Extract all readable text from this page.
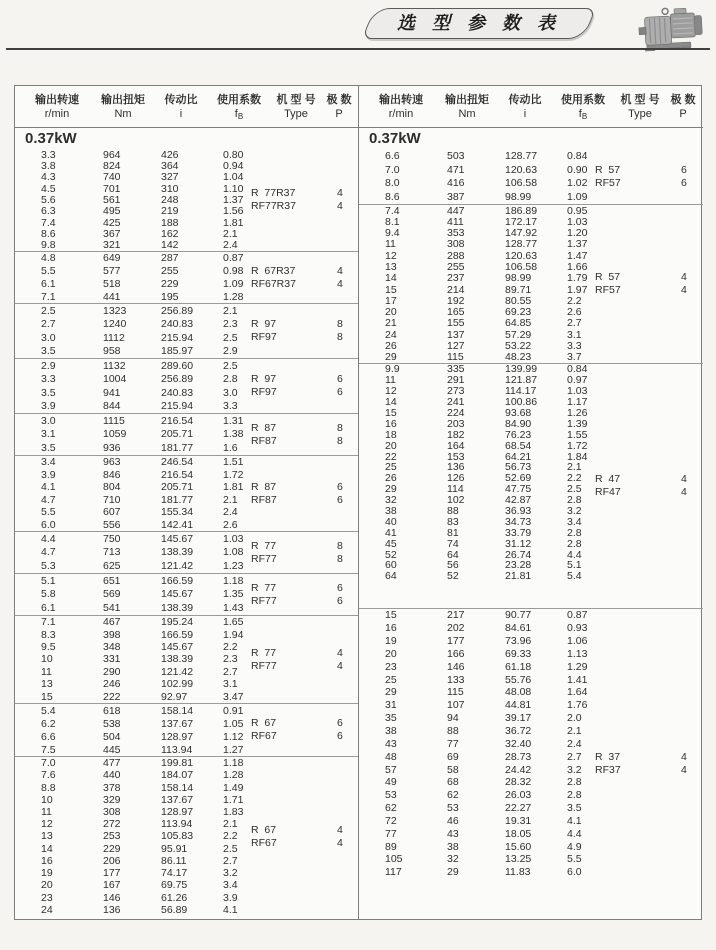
选 型 参 数 表
输出转速 输出扭矩 传动比 使用系数 机 型 号 极 数
r/min	Nm	i	$f_B$	Type P
0.37kW
3.3	964	426	0.80
3.8	824	364	0.94
4.3	740	327	1.04
4.5	701	310	1.10
5.6	561	248	1.37
6.3	495	219	1.56
7.4	425	188	1.81
8.6	367	162	2.1
9.8	321	142	2.4
R  77R37	4
RF77R37	4
4.8	649	287	0.87
5.5	577	255	0.98
6.1	518	229	1.09
7.1	441	195	1.28
R  67R37	4
RF67R37	4
2.5	1323	256.89	2.1
2.7	1240	240.83	2.3
3.0	1112	215.94	2.5
3.5	958	185.97	2.9
R  97	8
RF97	8
2.9	1132	289.60	2.5
3.3	1004	256.89	2.8
3.5	941	240.83	3.0
3.9	844	215.94	3.3
R  97	6
RF97	6
3.0	1115	216.54	1.31
3.1	1059	205.71	1.38
3.5	936	181.77	1.6
R  87	8
RF87	8
3.4	963	246.54	1.51
3.9	846	216.54	1.72
4.1	804	205.71	1.81
4.7	710	181.77	2.1
5.5	607	155.34	2.4
6.0	556	142.41	2.6
R  87	6
RF87	6
4.4	750	145.67	1.03
4.7	713	138.39	1.08
5.3	625	121.42	1.23
R  77	8
RF77	8
5.1	651	166.59	1.18
5.8	569	145.67	1.35
6.1	541	138.39	1.43
R  77	6
RF77	6
7.1	467	195.24	1.65
8.3	398	166.59	1.94
9.5	348	145.67	2.2
10	331	138.39	2.3
11	290	121.42	2.7
13	246	102.99	3.1
15	222	92.97	3.47
R  77	4
RF77	4
5.4	618	158.14	0.91
6.2	538	137.67	1.05
6.6	504	128.97	1.12
7.5	445	113.94	1.27
R  67	6
RF67	6
7.0	477	199.81	1.18
7.6	440	184.07	1.28
8.8	378	158.14	1.49
10	329	137.67	1.71
11	308	128.97	1.83
12	272	113.94	2.1
13	253	105.83	2.2
14	229	95.91	2.5
16	206	86.11	2.7
19	177	74.17	3.2
20	167	69.75	3.4
23	146	61.26	3.9
24	136	56.89	4.1
R  67	4
RF67	4
输出转速 输出扭矩 传动比 使用系数 机 型 号 极 数
r/min	Nm	i	$f_B$	Type P
0.37kW
6.6	503	128.77	0.84
7.0	471	120.63	0.90
8.0	416	106.58	1.02
8.6	387	98.99	1.09
R  57	6
RF57	6
7.4	447	186.89	0.95
8.1	411	172.17	1.03
9.4	353	147.92	1.20
11	308	128.77	1.37
12	288	120.63	1.47
13	255	106.58	1.66
14	237	98.99	1.79
15	214	89.71	1.97
17	192	80.55	2.2
20	165	69.23	2.6
21	155	64.85	2.7
24	137	57.29	3.1
26	127	53.22	3.3
29	115	48.23	3.7
R  57	4
RF57	4
9.9	335	139.99	0.84
11	291	121.87	0.97
12	273	114.17	1.03
14	241	100.86	1.17
15	224	93.68	1.26
16	203	84.90	1.39
18	182	76.23	1.55
20	164	68.54	1.72
22	153	64.21	1.84
25	136	56.73	2.1
26	126	52.69	2.2
29	114	47.75	2.5
32	102	42.87	2.8
38	88	36.93	3.2
40	83	34.73	3.4
41	81	33.79	2.8
45	74	31.12	2.8
52	64	26.74	4.4
60	56	23.28	5.1
64	52	21.81	5.4
R  47	4
RF47	4
15	217	90.77	0.87
16	202	84.61	0.93
19	177	73.96	1.06
20	166	69.33	1.13
23	146	61.18	1.29
25	133	55.76	1.41
29	115	48.08	1.64
31	107	44.81	1.76
35	94	39.17	2.0
38	88	36.72	2.1
43	77	32.40	2.4
48	69	28.73	2.7
57	58	24.42	3.2
49	68	28.32	2.8
53	62	26.03	2.8
62	53	22.27	3.5
72	46	19.31	4.1
77	43	18.05	4.4
89	38	15.60	4.9
105	32	13.25	5.5
117	29	11.83	6.0
R  37	4
RF37	4
